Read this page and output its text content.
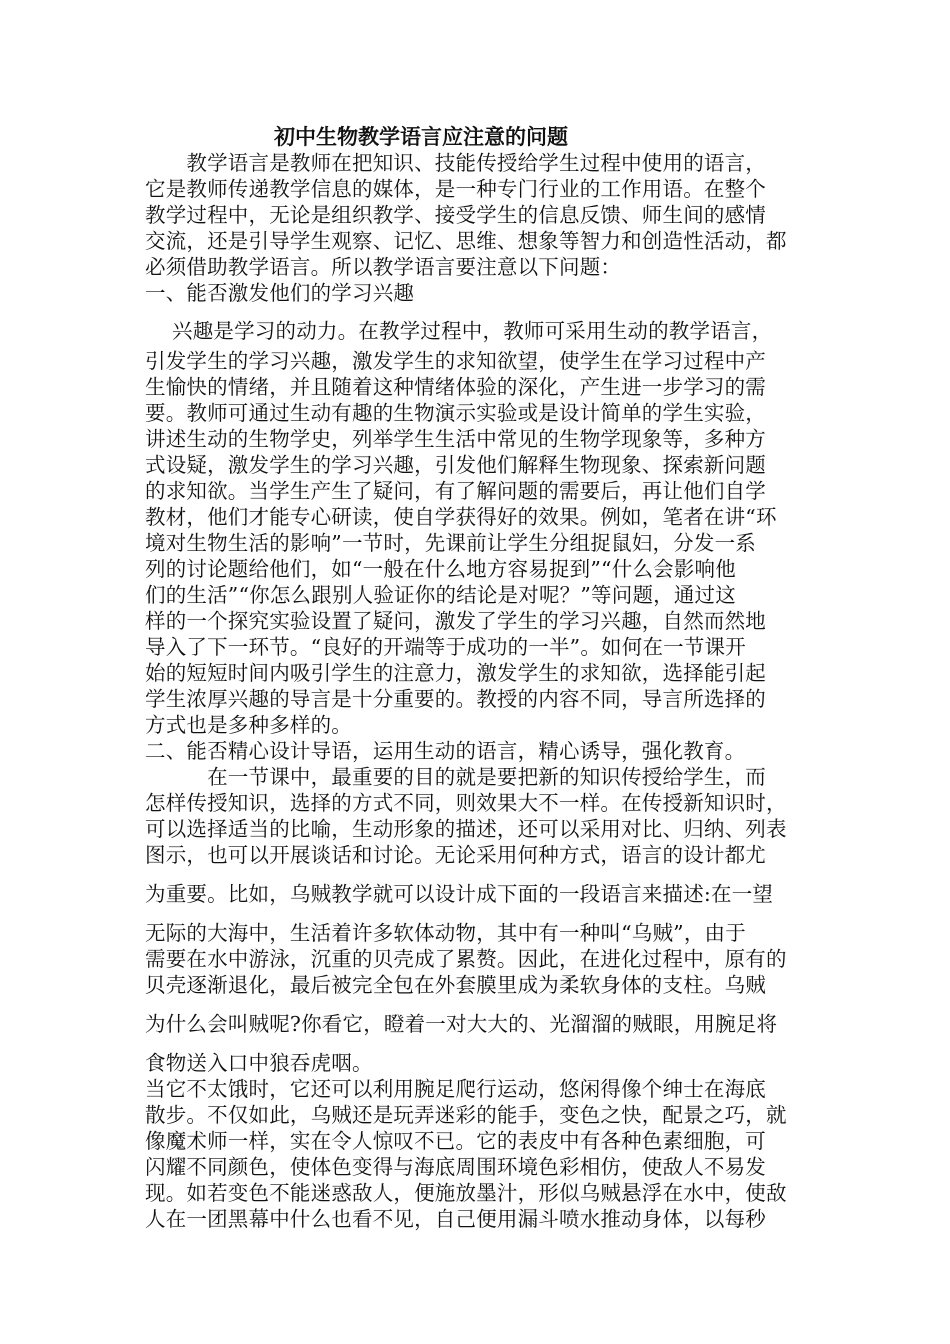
初中生物教学语言应注意的问题
　　教学语言是教师在把知识、技能传授给学生过程中使用的语言，
它是教师传递教学信息的媒体，是一种专门行业的工作用语。在整个
教学过程中，无论是组织教学、接受学生的信息反馈、师生间的感情
交流，还是引导学生观察、记忆、思维、想象等智力和创造性活动，都
必须借助教学语言。所以教学语言要注意以下问题：
一、能否激发他们的学习兴趣
兴趣是学习的动力。在教学过程中，教师可采用生动的教学语言，
引发学生的学习兴趣，激发学生的求知欲望，使学生在学习过程中产
生愉快的情绪，并且随着这种情绪体验的深化，产生进一步学习的需
要。教师可通过生动有趣的生物演示实验或是设计简单的学生实验，
讲述生动的生物学史，列举学生生活中常见的生物学现象等，多种方
式设疑，激发学生的学习兴趣，引发他们解释生物现象、探索新问题
的求知欲。当学生产生了疑问，有了解问题的需要后，再让他们自学
教材，他们才能专心研读，使自学获得好的效果。例如，笔者在讲“环
境对生物生活的影响”一节时，先课前让学生分组捉鼠妇，分发一系
列的讨论题给他们，如“一般在什么地方容易捉到”“什么会影响他
们的生活”“你怎么跟别人验证你的结论是对呢？”等问题，通过这
样的一个探究实验设置了疑问，激发了学生的学习兴趣，自然而然地
导入了下一环节。“良好的开端等于成功的一半”。如何在一节课开
始的短短时间内吸引学生的注意力，激发学生的求知欲，选择能引起
学生浓厚兴趣的导言是十分重要的。教授的内容不同，导言所选择的
方式也是多种多样的。
二、能否精心设计导语，运用生动的语言，精心诱导，强化教育。
　　　在一节课中，最重要的目的就是要把新的知识传授给学生，而
怎样传授知识，选择的方式不同，则效果大不一样。在传授新知识时，
可以选择适当的比喻，生动形象的描述，还可以采用对比、归纳、列表
图示，也可以开展谈话和讨论。无论采用何种方式，语言的设计都尤
为重要。比如，乌贼教学就可以设计成下面的一段语言来描述:在一望
无际的大海中，生活着许多软体动物，其中有一种叫“乌贼”，由于
需要在水中游泳，沉重的贝壳成了累赘。因此，在进化过程中，原有的
贝壳逐渐退化，最后被完全包在外套膜里成为柔软身体的支柱。乌贼
为什么会叫贼呢?你看它，瞪着一对大大的、光溜溜的贼眼，用腕足将
食物送入口中狼吞虎咽。
当它不太饿时，它还可以利用腕足爬行运动，悠闲得像个绅士在海底
散步。不仅如此，乌贼还是玩弄迷彩的能手，变色之快，配景之巧，就
像魔术师一样，实在令人惊叹不已。它的表皮中有各种色素细胞，可
闪耀不同颜色，使体色变得与海底周围环境色彩相仿，使敌人不易发
现。如若变色不能迷惑敌人，便施放墨汁，形似乌贼悬浮在水中，使敌
人在一团黑幕中什么也看不见，自己便用漏斗喷水推动身体，以每秒
